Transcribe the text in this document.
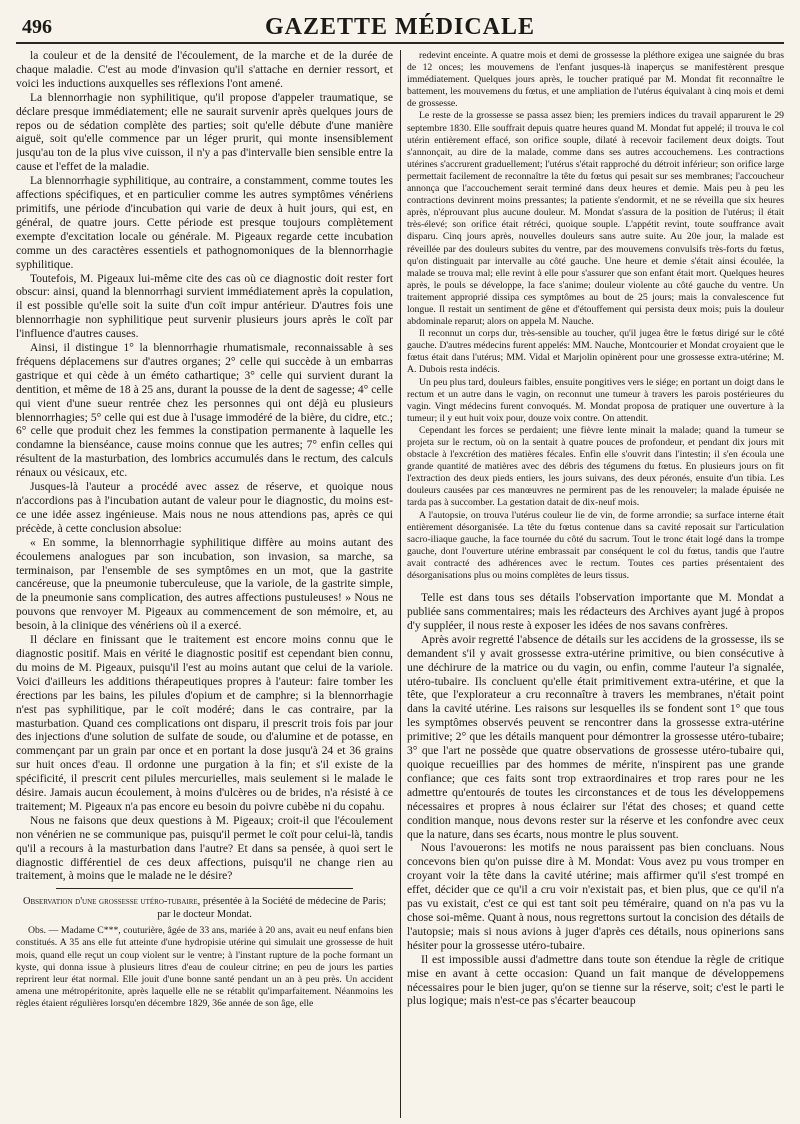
496	GAZETTE MÉDICALE

la couleur et de la densité de l'écoulement, de la marche et de la durée de chaque maladie. C'est au mode d'invasion qu'il s'attache en dernier ressort, et voici les inductions auxquelles ses réflexions l'ont amené.

La blennorrhagie non syphilitique, qu'il propose d'appeler traumatique, se déclare presque immédiatement; elle ne saurait survenir après quelques jours de repos ou de sédation complète des parties; soit qu'elle débute d'une manière aiguë, soit qu'elle commence par un léger prurit, qui monte insensiblement jusqu'au ton de la plus vive cuisson, il n'y a pas d'intervalle bien sensible entre la cause et l'effet de la maladie.

La blennorrhagie syphilitique, au contraire, a constamment, comme toutes les affections spécifiques, et en particulier comme les autres symptômes vénériens primitifs, une période d'incubation qui varie de deux à huit jours, qui est, en général, de quatre jours. Cette période est presque toujours complètement exempte d'excitation locale ou générale. M. Pigeaux regarde cette incubation comme un des caractères essentiels et pathognomoniques de la blennorrhagie syphilitique.

Toutefois, M. Pigeaux lui-même cite des cas où ce diagnostic doit rester fort obscur: ainsi, quand la blennorrhagi survient immédiatement après la copulation, il est possible qu'elle soit la suite d'un coït impur antérieur. D'autres fois une blennorrhagie non syphilitique peut survenir plusieurs jours après le coït par l'influence d'autres causes.

Ainsi, il distingue 1° la blennorrhagie rhumatismale, reconnaissable à ses fréquens déplacemens sur d'autres organes; 2° celle qui succède à un embarras gastrique et qui cède à un éméto cathartique; 3° celle qui survient durant la dentition, et même de 18 à 25 ans, durant la pousse de la dent de sagesse; 4° celle qui vient d'une sueur rentrée chez les personnes qui ont déjà eu plusieurs blennorrhagies; 5° celle qui est due à l'usage immodéré de la bière, du cidre, etc.; 6° celle que produit chez les femmes la constipation permanente à laquelle les condamne la bienséance, cause moins connue que les autres; 7° enfin celles qui résultent de la masturbation, des lombrics accumulés dans le rectum, des calculs rénaux ou vésicaux, etc.

Jusques-là l'auteur a procédé avec assez de réserve, et quoique nous n'accordions pas à l'incubation autant de valeur pour le diagnostic, du moins est-ce une idée assez ingénieuse. Mais nous ne nous attendions pas, après ce qui précède, à cette conclusion absolue:

« En somme, la blennorrhagie syphilitique diffère au moins autant des écoulemens analogues par son incubation, son invasion, sa marche, sa terminaison, par l'ensemble de ses symptômes en un mot, que la gastrite cancéreuse, que la pneumonie tuberculeuse, que la variole, de la gastrite simple, de la pneumonie sans complication, des autres affections pustuleuses! » Nous ne pouvons que renvoyer M. Pigeaux au commencement de son mémoire, et, au besoin, à la clinique des vénériens où il a exercé.

Il déclare en finissant que le traitement est encore moins connu que le diagnostic positif. Mais en vérité le diagnostic positif est cependant bien connu, du moins de M. Pigeaux, puisqu'il l'est au moins autant que celui de la variole. Voici d'ailleurs les additions thérapeutiques propres à l'auteur: faire tomber les érections par les bains, les pilules d'opium et de camphre; si la blennorrhagie n'est pas syphilitique, par le coït modéré; dans le cas contraire, par la masturbation. Quand ces complications ont disparu, il prescrit trois fois par jour des injections d'une solution de sulfate de soude, ou d'alumine et de potasse, en commençant par un grain par once et en portant la dose jusqu'à 24 et 36 grains sur huit onces d'eau. Il ordonne une purgation à la fin; et s'il existe de la spécificité, il prescrit cent pilules mercurielles, mais seulement si le malade le désire. Jamais aucun écoulement, à moins d'ulcères ou de brides, n'a résisté à ce traitement; M. Pigeaux n'a pas encore eu besoin du poivre cubèbe ni du copahu.

Nous ne faisons que deux questions à M. Pigeaux; croit-il que l'écoulement non vénérien ne se communique pas, puisqu'il permet le coït pour celui-là, tandis qu'il a recours à la masturbation dans l'autre? Et dans sa pensée, à quoi sert le diagnostic différentiel de ces deux affections, puisqu'il ne change rien au traitement, à moins que le malade ne le désire?

Observation d'une grossesse utéro-tubaire, présentée à la Société de médecine de Paris; par le docteur Mondat.

Obs. — Madame C***, couturière, âgée de 33 ans, mariée à 20 ans, avait eu neuf enfans bien constitués. A 35 ans elle fut atteinte d'une hydropisie utérine qui simulait une grossesse de huit mois, quand elle reçut un coup violent sur le ventre; à l'instant rupture de la poche formant un kyste, qui donna issue à plusieurs litres d'eau de couleur citrine; en peu de jours les parties reprirent leur état normal. Elle jouit d'une bonne santé pendant un an à peu près. Un accident amena une métropéritonite, après laquelle elle ne se rétablit qu'imparfaitement. Néanmoins les règles étaient régulières lorsqu'en décembre 1829, 36e année de son âge, elle

redevint enceinte. A quatre mois et demi de grossesse la pléthore exigea une saignée du bras de 12 onces; les mouvemens de l'enfant jusques-là inaperçus se manifestèrent presque immédiatement. Quelques jours après, le toucher pratiqué par M. Mondat fit reconnaître le battement, les mouvemens du fœtus, et une ampliation de l'utérus équivalant à cinq mois et demi de grossesse.

Le reste de la grossesse se passa assez bien; les premiers indices du travail apparurent le 29 septembre 1830. Elle souffrait depuis quatre heures quand M. Mondat fut appelé; il trouva le col utérin entièrement effacé, son orifice souple, dilaté à recevoir facilement deux doigts. Tout s'annonçait, au dire de la malade, comme dans ses autres accouchemens. Les contractions utérines s'accrurent graduellement; l'utérus s'était rapproché du détroit inférieur; son orifice large permettait facilement de reconnaître la tête du fœtus qui pesait sur ses membranes; l'accoucheur annonça que l'accouchement serait terminé dans deux heures et demie. Mais peu à peu les contractions devinrent moins pressantes; la patiente s'endormit, et ne se réveilla que six heures après, n'éprouvant plus aucune douleur. M. Mondat s'assura de la position de l'utérus; il était très-élevé; son orifice était rétréci, quoique souple. L'appétit revint, toute souffrance avait disparu. Cinq jours après, nouvelles douleurs sans autre suite. Au 20e jour, la malade est réveillée par des douleurs subites du ventre, par des mouvemens convulsifs très-forts du fœtus, qu'on distinguait par intervalle au côté gauche. Une heure et demie s'était ainsi écoulée, la malade se trouva mal; elle revint à elle pour s'assurer que son enfant était mort. Quelques heures après, le pouls se développe, la face s'anime; douleur violente au côté gauche du ventre. Un traitement approprié dissipa ces symptômes au bout de 25 jours; mais la convalescence fut longue. Il restait un sentiment de gêne et d'étouffement qui persista deux mois; puis la douleur abdominale reparut; alors on appela M. Nauche.

Il reconnut un corps dur, très-sensible au toucher, qu'il jugea être le fœtus dirigé sur le côté gauche. D'autres médecins furent appelés: MM. Nauche, Montcourier et Mondat croyaient que le fœtus était dans l'utérus; MM. Vidal et Marjolin opinèrent pour une grossesse extra-utérine; M. A. Dubois resta indécis.

Un peu plus tard, douleurs faibles, ensuite pongitives vers le siége; en portant un doigt dans le rectum et un autre dans le vagin, on reconnut une tumeur à travers les parois postérieures du vagin. Vingt médecins furent convoqués. M. Mondat proposa de pratiquer une ouverture à la tumeur; il y eut huit voix pour, douze voix contre. On attendit.

Cependant les forces se perdaient; une fièvre lente minait la malade; quand la tumeur se projeta sur le rectum, où on la sentait à quatre pouces de profondeur, et pendant dix jours mit obstacle à l'excrétion des matières fécales. Enfin elle s'ouvrit dans l'intestin; il s'en écoula une grande quantité de matières avec des débris des tégumens du fœtus. En plusieurs jours on fit l'extraction des deux pieds entiers, les jours suivans, des deux péronés, ensuite d'un tibia. Les douleurs causées par ces manœuvres ne permirent pas de les renouveler; la malade épuisée ne tarda pas à succomber. La gestation datait de dix-neuf mois.

A l'autopsie, on trouva l'utérus couleur lie de vin, de forme arrondie; sa surface interne était entièrement désorganisée. La tête du fœtus contenue dans sa cavité reposait sur l'articulation sacro-iliaque gauche, la face tournée du côté du sacrum. Tout le tronc était logé dans la trompe gauche, dont l'ouverture utérine embrassait par conséquent le col du fœtus, tandis que l'autre avait contracté des adhérences avec le rectum. Toutes ces parties présentaient des désorganisations plus ou moins complètes de leurs tissus.

Telle est dans tous ses détails l'observation importante que M. Mondat a publiée sans commentaires; mais les rédacteurs des Archives ayant jugé à propos d'y suppléer, il nous reste à exposer les idées de nos savans confrères.

Après avoir regretté l'absence de détails sur les accidens de la grossesse, ils se demandent s'il y avait grossesse extra-utérine primitive, ou bien consécutive à une déchirure de la matrice ou du vagin, ou enfin, comme l'auteur l'a signalée, utéro-tubaire. Ils concluent qu'elle était primitivement extra-utérine, et que la tête, que l'explorateur a cru reconnaître à travers les membranes, n'était point dans la cavité utérine. Les raisons sur lesquelles ils se fondent sont 1° que tous les symptômes observés peuvent se rencontrer dans la grossesse extra-utérine primitive; 2° que les détails manquent pour démontrer la grossesse utéro-tubaire; 3° que l'art ne possède que quatre observations de grossesse utéro-tubaire qui, quoique recueillies par des hommes de mérite, n'inspirent pas une grande confiance; que ces faits sont trop extraordinaires et trop rares pour ne les admettre qu'entourés de toutes les circonstances et de tous les développemens nécessaires et propres à nous éclairer sur l'état des choses; et quand cette condition manque, nous devons rester sur la réserve et les confondre avec ceux que la nature, dans ses écarts, nous montre le plus souvent.

Nous l'avouerons: les motifs ne nous paraissent pas bien concluans. Nous concevons bien qu'on puisse dire à M. Mondat: Vous avez pu vous tromper en croyant voir la tête dans la cavité utérine; mais affirmer qu'il s'est trompé en effet, décider que ce qu'il a cru voir n'existait pas, et bien plus, que ce qu'il n'a pas vu existait, c'est ce qui est tant soit peu téméraire, quand on n'a pas vu la chose soi-même. Quant à nous, nous regrettons surtout la concision des détails de l'autopsie; mais si nous avions à juger d'après ces détails, nous opinerions sans hésiter pour la grossesse utéro-tubaire.

Il est impossible aussi d'admettre dans toute son étendue la règle de critique mise en avant à cette occasion: Quand un fait manque de développemens nécessaires pour le bien juger, qu'on se tienne sur la réserve, soit; c'est le parti le plus logique; mais n'est-ce pas s'écarter beaucoup
